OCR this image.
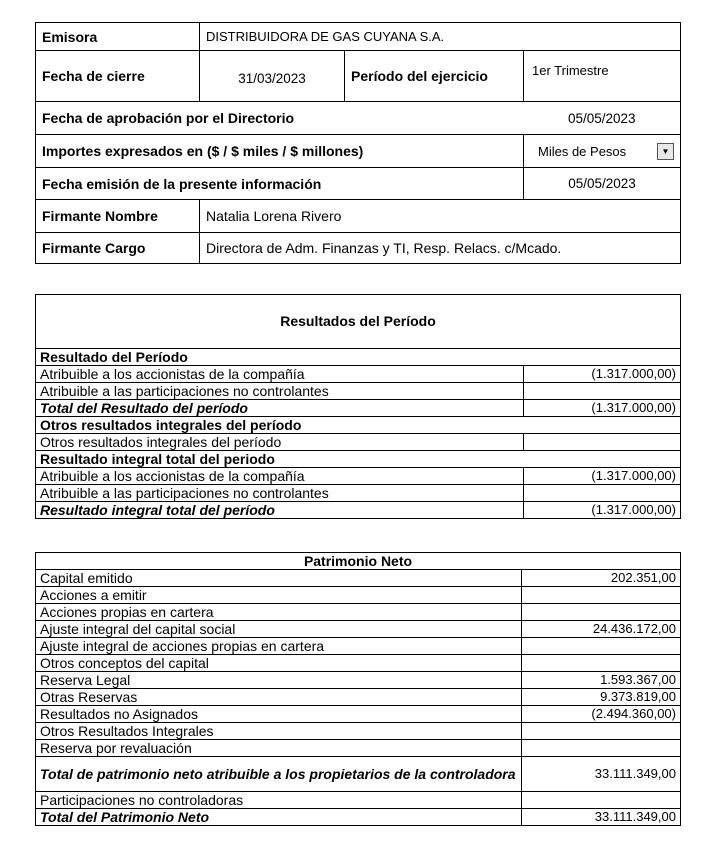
Emisora	DISTRIBUIDORA DE GAS CUYANA S.A.		
Fecha de cierre	31/03/2023	Período del ejercicio	1er Trimestre
Fecha de aprobación por el Directorio			05/05/2023
Importes expresados en ($ / $ miles / $ millones)			Miles de Pesos ▼

Fecha emisión de la presente información			05/05/2023
Firmante Nombre	Natalia Lorena Rivero		
Firmante Cargo	Directora de Adm. Finanzas y TI, Resp. Relacs. c/Mcado.		
Resultados del Período	
Resultado del Período	
Atribuible a los accionistas de la compañía	(1.317.000,00)
Atribuible a las participaciones no controlantes	
Total del Resultado del período	(1.317.000,00)
Otros resultados integrales del período	
Otros resultados integrales del período	
Resultado integral total del periodo	
Atribuible a los accionistas de la compañía	(1.317.000,00)
Atribuible a las participaciones no controlantes	
Resultado integral total del período	(1.317.000,00)
Patrimonio Neto	
Capital emitido	202.351,00
Acciones a emitir	
Acciones propias en cartera	
Ajuste integral del capital social	24.436.172,00
Ajuste integral de acciones propias en cartera	
Otros conceptos del capital	
Reserva Legal	1.593.367,00
Otras Reservas	9.373.819,00
Resultados no Asignados	(2.494.360,00)
Otros Resultados Integrales	
Reserva por revaluación	
Total de patrimonio neto atribuible a los propietarios de la controladora	33.111.349,00
Participaciones no controladoras	
Total del Patrimonio Neto	33.111.349,00
